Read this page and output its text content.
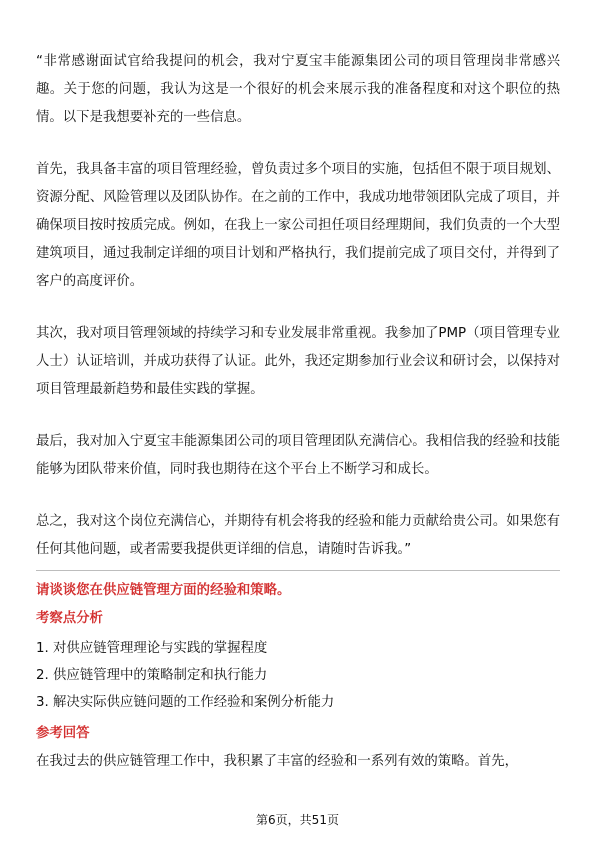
“非常感谢面试官给我提问的机会，我对宁夏宝丰能源集团公司的项目管理岗非常感兴趣。关于您的问题，我认为这是一个很好的机会来展示我的准备程度和对这个职位的热情。以下是我想要补充的一些信息。

首先，我具备丰富的项目管理经验，曾负责过多个项目的实施，包括但不限于项目规划、资源分配、风险管理以及团队协作。在之前的工作中，我成功地带领团队完成了项目，并确保项目按时按质完成。例如，在我上一家公司担任项目经理期间，我们负责的一个大型建筑项目，通过我制定详细的项目计划和严格执行，我们提前完成了项目交付，并得到了客户的高度评价。

其次，我对项目管理领域的持续学习和专业发展非常重视。我参加了PMP（项目管理专业人士）认证培训，并成功获得了认证。此外，我还定期参加行业会议和研讨会，以保持对项目管理最新趋势和最佳实践的掌握。

最后，我对加入宁夏宝丰能源集团公司的项目管理团队充满信心。我相信我的经验和技能能够为团队带来价值，同时我也期待在这个平台上不断学习和成长。

总之，我对这个岗位充满信心，并期待有机会将我的经验和能力贡献给贵公司。如果您有任何其他问题，或者需要我提供更详细的信息，请随时告诉我。”

请谈谈您在供应链管理方面的经验和策略。

考察点分析

1. 对供应链管理理论与实践的掌握程度
2. 供应链管理中的策略制定和执行能力
3. 解决实际供应链问题的工作经验和案例分析能力

参考回答

在我过去的供应链管理工作中，我积累了丰富的经验和一系列有效的策略。首先，

第6页，共51页
